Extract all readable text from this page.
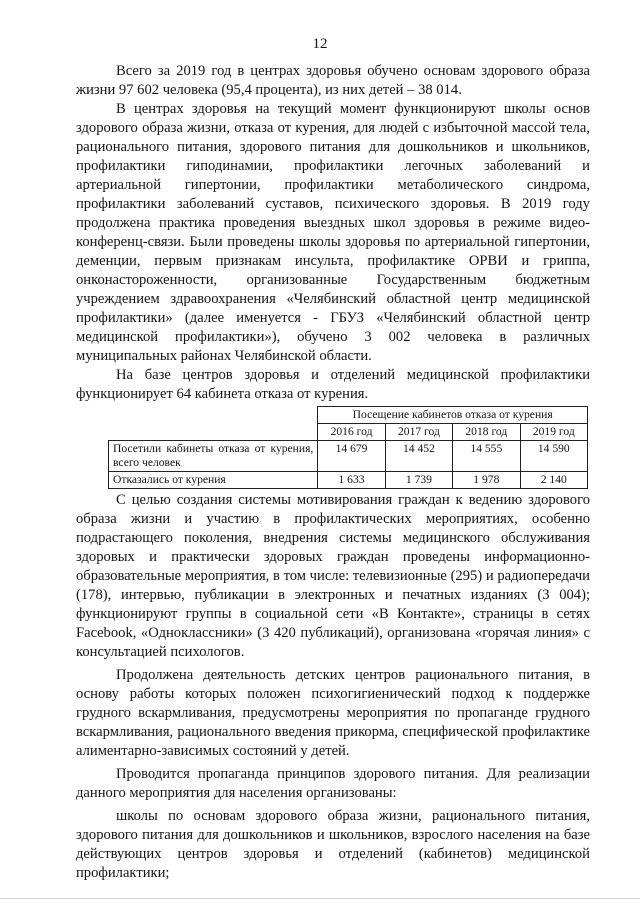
12

Всего за 2019 год в центрах здоровья обучено основам здорового образа жизни 97 602 человека (95,4 процента), из них детей – 38 014.

В центрах здоровья на текущий момент функционируют школы основ здорового образа жизни, отказа от курения, для людей с избыточной массой тела, рационального питания, здорового питания для дошкольников и школьников, профилактики гиподинамии, профилактики легочных заболеваний и артериальной гипертонии, профилактики метаболического синдрома, профилактики заболеваний суставов, психического здоровья. В 2019 году продолжена практика проведения выездных школ здоровья в режиме видео-конференц-связи. Были проведены школы здоровья по артериальной гипертонии, деменции, первым признакам инсульта, профилактике ОРВИ и гриппа, онконастороженности, организованные Государственным бюджетным учреждением здравоохранения «Челябинский областной центр медицинской профилактики» (далее именуется - ГБУЗ «Челябинский областной центр медицинской профилактики»), обучено 3 002 человека в различных муниципальных районах Челябинской области.

На базе центров здоровья и отделений медицинской профилактики функционирует 64 кабинета отказа от курения.

	Посещение кабинетов отказа от курения			
	2016 год	2017 год	2018 год	2019 год
Посетили кабинеты отказа от курения, всего человек	14 679	14 452	14 555	14 590
Отказались от курения	1 633	1 739	1 978	2 140

С целью создания системы мотивирования граждан к ведению здорового образа жизни и участию в профилактических мероприятиях, особенно подрастающего поколения, внедрения системы медицинского обслуживания здоровых и практически здоровых граждан проведены информационно-образовательные мероприятия, в том числе: телевизионные (295) и радиопередачи (178), интервью, публикации в электронных и печатных изданиях (3 004); функционируют группы в социальной сети «В Контакте», страницы в сетях Facebook, «Одноклассники» (3 420 публикаций), организована «горячая линия» с консультацией психологов.

Продолжена деятельность детских центров рационального питания, в основу работы которых положен психогигиенический подход к поддержке грудного вскармливания, предусмотрены мероприятия по пропаганде грудного вскармливания, рационального введения прикорма, специфической профилактике алиментарно-зависимых состояний у детей.

Проводится пропаганда принципов здорового питания. Для реализации данного мероприятия для населения организованы:

школы по основам здорового образа жизни, рационального питания, здорового питания для дошкольников и школьников, взрослого населения на базе действующих центров здоровья и отделений (кабинетов) медицинской профилактики;
